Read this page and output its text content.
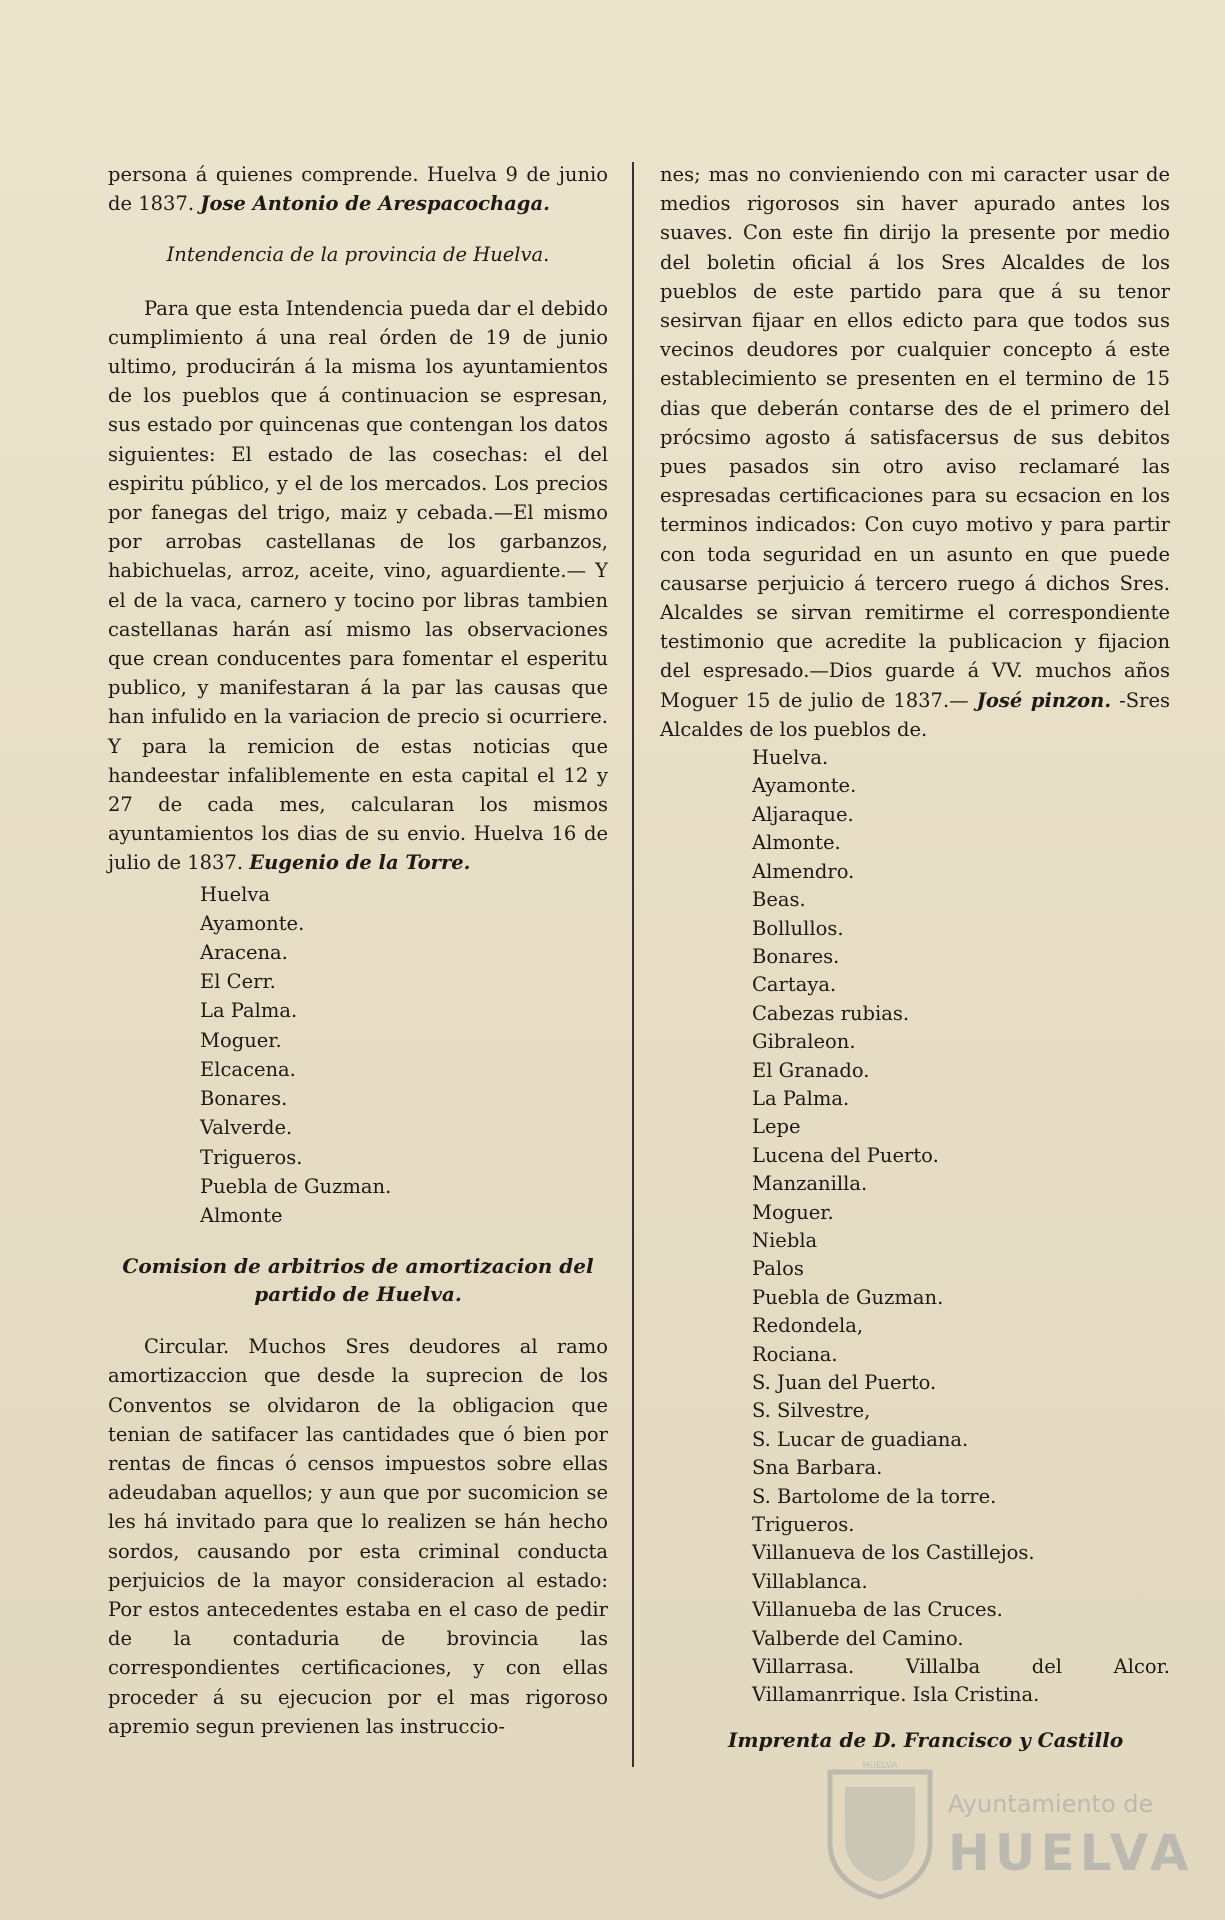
persona á quienes comprende. Huelva 9 de junio de 1837. Jose Antonio de Arespacochaga.

Intendencia de la provincia de Huelva.

Para que esta Intendencia pueda dar el debido cumplimiento á una real órden de 19 de junio ultimo, producirán á la misma los ayuntamientos de los pueblos que á continuacion se espresan, sus estado por quincenas que contengan los datos siguientes: El estado de las cosechas: el del espiritu público, y el de los mercados. Los precios por fanegas del trigo, maiz y cebada.—El mismo por arrobas castellanas de los garbanzos, habichuelas, arroz, aceite, vino, aguardiente.— Y el de la vaca, carnero y tocino por libras tambien castellanas harán así mismo las observaciones que crean conducentes para fomentar el esperitu publico, y manifestaran á la par las causas que han infulido en la variacion de precio si ocurriere. Y para la remicion de estas noticias que handeestar infaliblemente en esta capital el 12 y 27 de cada mes, calcularan los mismos ayuntamientos los dias de su envio. Huelva 16 de julio de 1837. Eugenio de la Torre.

Huelva
Ayamonte.
Aracena.
El Cerr.
La Palma.
Moguer.
Elcacena.
Bonares.
Valverde.
Trigueros.
Puebla de Guzman.
Almonte
Comision de arbitrios de amortizacion del
partido de Huelva.

Circular. Muchos Sres deudores al ramo amortizaccion que desde la suprecion de los Conventos se olvidaron de la obligacion que tenian de satifacer las cantidades que ó bien por rentas de fincas ó censos impuestos sobre ellas adeudaban aquellos; y aun que por sucomicion se les há invitado para que lo realizen se hán hecho sordos, causando por esta criminal conducta perjuicios de la mayor consideracion al estado: Por estos antecedentes estaba en el caso de pedir de la contaduria de brovincia las correspondientes certificaciones, y con ellas proceder á su ejecucion por el mas rigoroso apremio segun previenen las instruccio-

nes; mas no convieniendo con mi caracter usar de medios rigorosos sin haver apurado antes los suaves. Con este fin dirijo la presente por medio del boletin oficial á los Sres Alcaldes de los pueblos de este partido para que á su tenor sesirvan fijaar en ellos edicto para que todos sus vecinos deudores por cualquier concepto á este establecimiento se presenten en el termino de 15 dias que deberán contarse des de el primero del prócsimo agosto á satisfacersus de sus debitos pues pasados sin otro aviso reclamaré las espresadas certificaciones para su ecsacion en los terminos indicados: Con cuyo motivo y para partir con toda seguridad en un asunto en que puede causarse perjuicio á tercero ruego á dichos Sres. Alcaldes se sirvan remitirme el correspondiente testimonio que acredite la publicacion y fijacion del espresado.—Dios guarde á VV. muchos años Moguer 15 de julio de 1837.— José pinzon. -Sres Alcaldes de los pueblos de.

Huelva.
Ayamonte.
Aljaraque.
Almonte.
Almendro.
Beas.
Bollullos.
Bonares.
Cartaya.
Cabezas rubias.
Gibraleon.
El Granado.
La Palma.
Lepe
Lucena del Puerto.
Manzanilla.
Moguer.
Niebla
Palos
Puebla de Guzman.
Redondela,
Rociana.
S. Juan del Puerto.
S. Silvestre,
S. Lucar de guadiana.
Sna Barbara.
S. Bartolome de la torre.
Trigueros.
Villanueva de los Castillejos.
Villablanca.
Villanueba de las Cruces.
Valberde del Camino.
Villarrasa. Villalba del Alcor. Villamanrrique. Isla Cristina.
Imprenta de D. Francisco y Castillo
HUELVA
Ayuntamiento de
HUELVA
